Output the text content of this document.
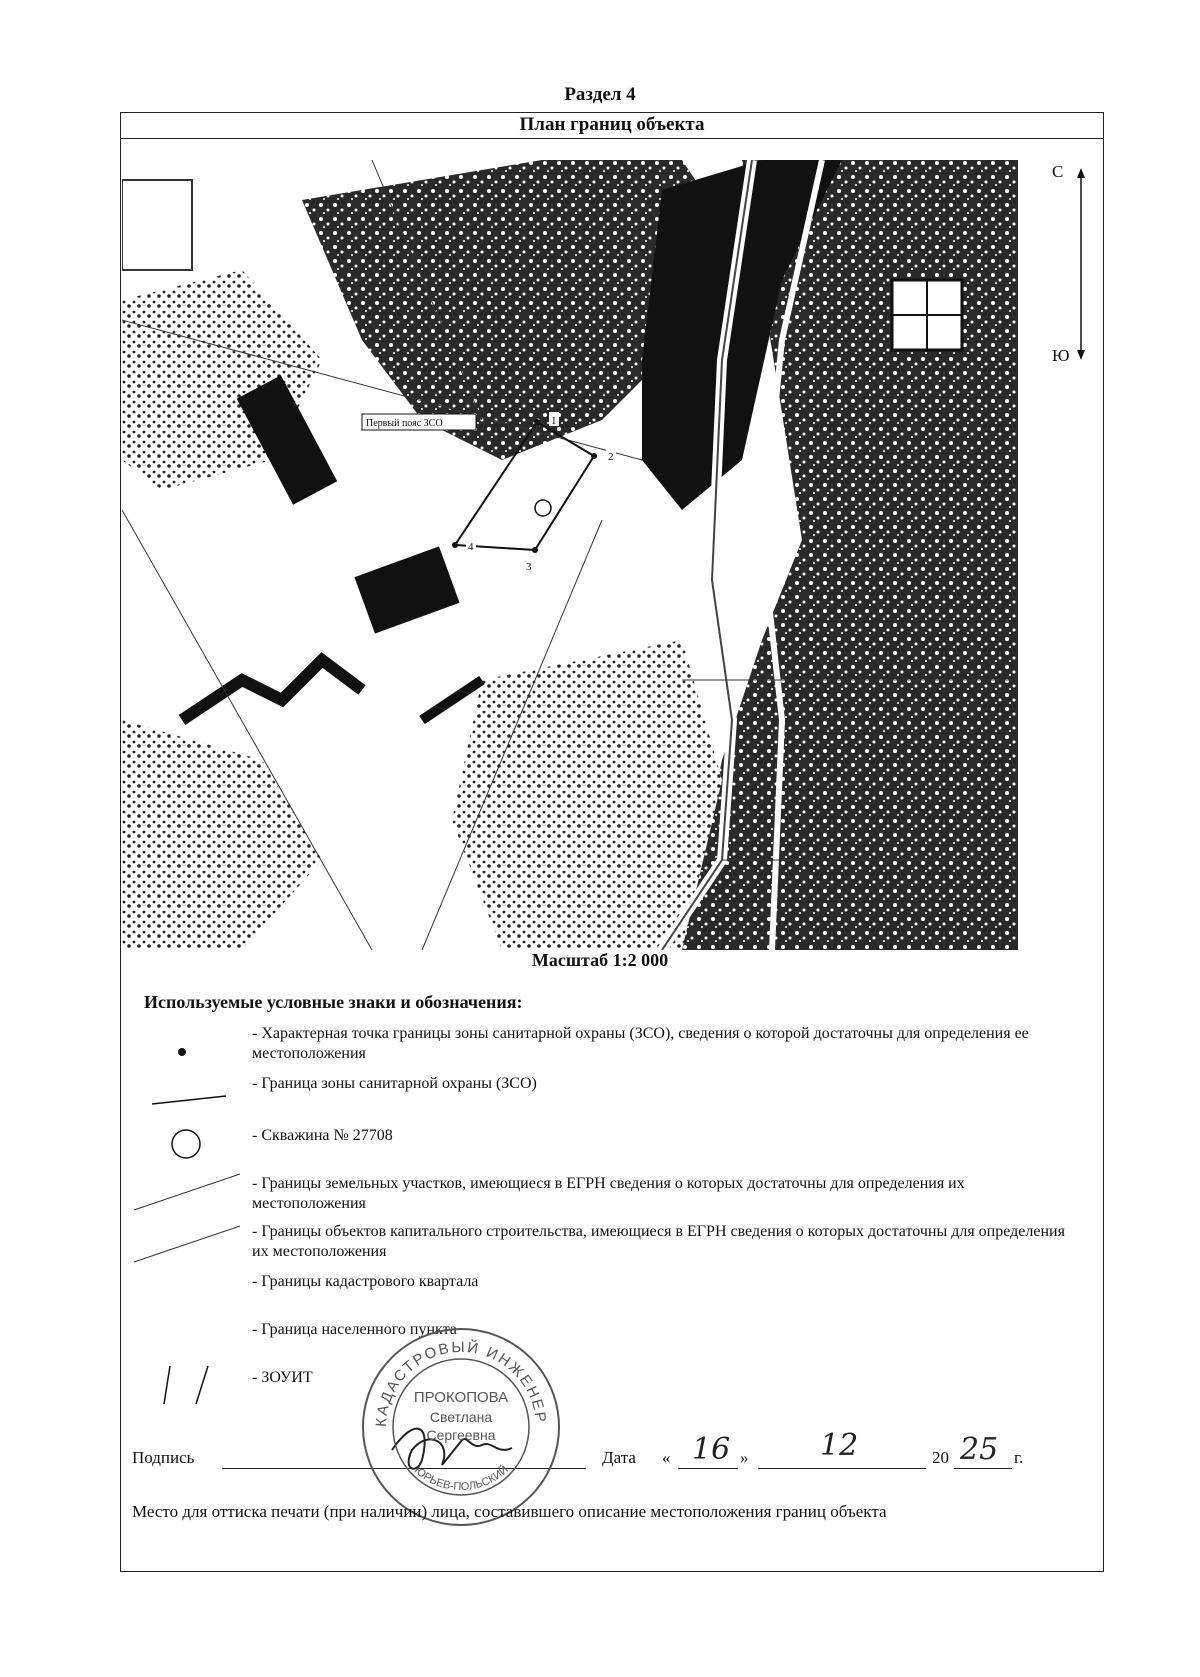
Раздел 4
План границ объекта
Первый пояс ЗСО	1
2
3
4
С
Ю
Масштаб 1:2 000
Используемые условные знаки и обозначения:
- Характерная точка границы зоны санитарной охраны (ЗСО), сведения о которой достаточны для определения ее местоположения
- Граница зоны санитарной охраны (ЗСО)
- Скважина № 27708
- Границы земельных участков, имеющиеся в ЕГРН сведения о которых достаточны для определения их местоположения
- Границы объектов капитального строительства, имеющиеся в ЕГРН сведения о которых достаточны для определения их местоположения
- Границы кадастрового квартала
- Граница населенного пункта
- ЗОУИТ
Подпись	Дата « 16 » 12	20 25 г.
КАДАСТРОВЫЙ ИНЖЕНЕР
ЮРЬЕВ-ПОЛЬСКИЙ
ПРОКОПОВА
Светлана
Сергеевна
Место для оттиска печати (при наличии) лица, составившего описание местоположения границ объекта
